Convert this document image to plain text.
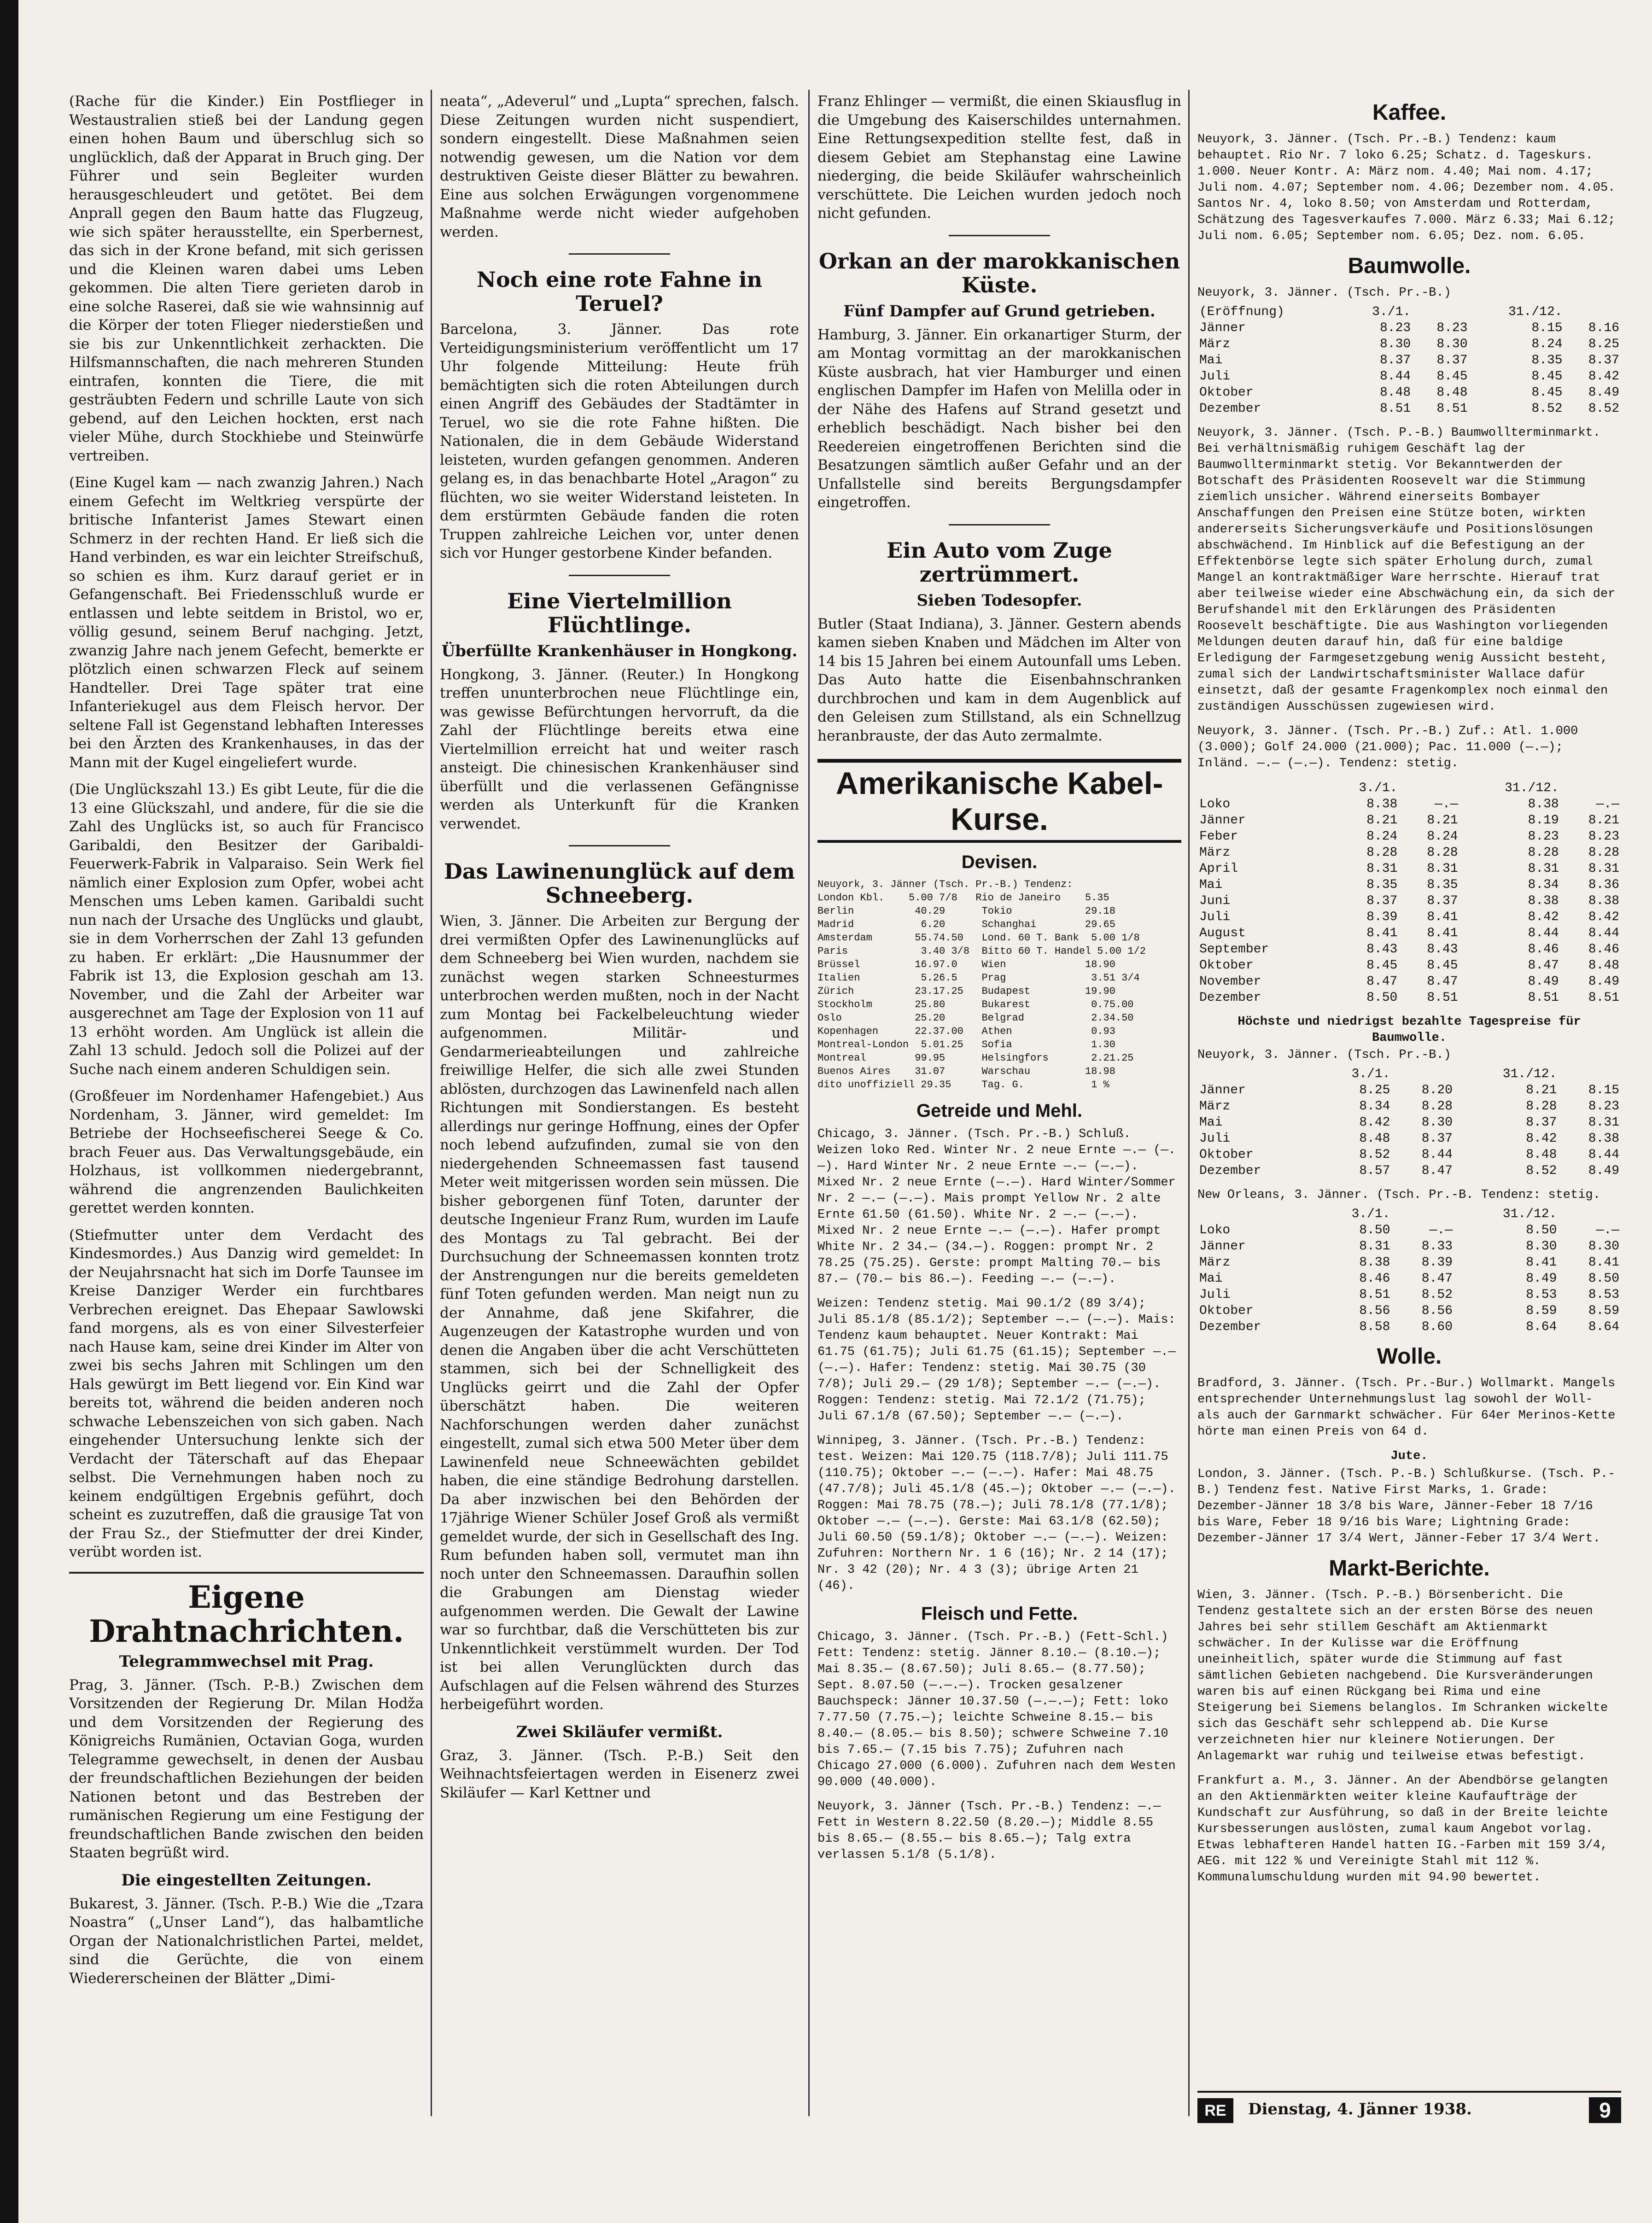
(Rache für die Kinder.) Ein Postflieger in Westaustralien stieß bei der Landung gegen einen hohen Baum und überschlug sich so unglücklich, daß der Apparat in Bruch ging. Der Führer und sein Begleiter wurden herausgeschleudert und getötet. Bei dem Anprall gegen den Baum hatte das Flugzeug, wie sich später herausstellte, ein Sperbernest, das sich in der Krone befand, mit sich gerissen und die Kleinen waren dabei ums Leben gekommen. Die alten Tiere gerieten darob in eine solche Raserei, daß sie wie wahnsinnig auf die Körper der toten Flieger niederstießen und sie bis zur Unkenntlichkeit zerhackten. Die Hilfsmannschaften, die nach mehreren Stunden eintrafen, konnten die Tiere, die mit gesträubten Federn und schrille Laute von sich gebend, auf den Leichen hockten, erst nach vieler Mühe, durch Stockhiebe und Steinwürfe vertreiben.

(Eine Kugel kam — nach zwanzig Jahren.) Nach einem Gefecht im Weltkrieg verspürte der britische Infanterist James Stewart einen Schmerz in der rechten Hand. Er ließ sich die Hand verbinden, es war ein leichter Streifschuß, so schien es ihm. Kurz darauf geriet er in Gefangenschaft. Bei Friedensschluß wurde er entlassen und lebte seitdem in Bristol, wo er, völlig gesund, seinem Beruf nachging. Jetzt, zwanzig Jahre nach jenem Gefecht, bemerkte er plötzlich einen schwarzen Fleck auf seinem Handteller. Drei Tage später trat eine Infanteriekugel aus dem Fleisch hervor. Der seltene Fall ist Gegenstand lebhaften Interesses bei den Ärzten des Krankenhauses, in das der Mann mit der Kugel eingeliefert wurde.

(Die Unglückszahl 13.) Es gibt Leute, für die die 13 eine Glückszahl, und andere, für die sie die Zahl des Unglücks ist, so auch für Francisco Garibaldi, den Besitzer der Garibaldi-Feuerwerk-Fabrik in Valparaiso. Sein Werk fiel nämlich einer Explosion zum Opfer, wobei acht Menschen ums Leben kamen. Garibaldi sucht nun nach der Ursache des Unglücks und glaubt, sie in dem Vorherrschen der Zahl 13 gefunden zu haben. Er erklärt: „Die Hausnummer der Fabrik ist 13, die Explosion geschah am 13. November, und die Zahl der Arbeiter war ausgerechnet am Tage der Explosion von 11 auf 13 erhöht worden. Am Unglück ist allein die Zahl 13 schuld. Jedoch soll die Polizei auf der Suche nach einem anderen Schuldigen sein.

(Großfeuer im Nordenhamer Hafengebiet.) Aus Nordenham, 3. Jänner, wird gemeldet: Im Betriebe der Hochseefischerei Seege & Co. brach Feuer aus. Das Verwaltungsgebäude, ein Holzhaus, ist vollkommen niedergebrannt, während die angrenzenden Baulichkeiten gerettet werden konnten.

(Stiefmutter unter dem Verdacht des Kindesmordes.) Aus Danzig wird gemeldet: In der Neujahrsnacht hat sich im Dorfe Taunsee im Kreise Danziger Werder ein furchtbares Verbrechen ereignet. Das Ehepaar Sawlowski fand morgens, als es von einer Silvesterfeier nach Hause kam, seine drei Kinder im Alter von zwei bis sechs Jahren mit Schlingen um den Hals gewürgt im Bett liegend vor. Ein Kind war bereits tot, während die beiden anderen noch schwache Lebenszeichen von sich gaben. Nach eingehender Untersuchung lenkte sich der Verdacht der Täterschaft auf das Ehepaar selbst. Die Vernehmungen haben noch zu keinem endgültigen Ergebnis geführt, doch scheint es zuzutreffen, daß die grausige Tat von der Frau Sz., der Stiefmutter der drei Kinder, verübt worden ist.

Eigene Drahtnachrichten.
Telegrammwechsel mit Prag.

Prag, 3. Jänner. (Tsch. P.-B.) Zwischen dem Vorsitzenden der Regierung Dr. Milan Hodža und dem Vorsitzenden der Regierung des Königreichs Rumänien, Octavian Goga, wurden Telegramme gewechselt, in denen der Ausbau der freundschaftlichen Beziehungen der beiden Nationen betont und das Bestreben der rumänischen Regierung um eine Festigung der freundschaftlichen Bande zwischen den beiden Staaten begrüßt wird.

Die eingestellten Zeitungen.

Bukarest, 3. Jänner. (Tsch. P.-B.) Wie die „Tzara Noastra“ („Unser Land“), das halbamtliche Organ der Nationalchristlichen Partei, meldet, sind die Gerüchte, die von einem Wiedererscheinen der Blätter „Dimi-

neata“, „Adeverul“ und „Lupta“ sprechen, falsch. Diese Zeitungen wurden nicht suspendiert, sondern eingestellt. Diese Maßnahmen seien notwendig gewesen, um die Nation vor dem destruktiven Geiste dieser Blätter zu bewahren. Eine aus solchen Erwägungen vorgenommene Maßnahme werde nicht wieder aufgehoben werden.

Noch eine rote Fahne in Teruel?

Barcelona, 3. Jänner. Das rote Verteidigungsministerium veröffentlicht um 17 Uhr folgende Mitteilung: Heute früh bemächtigten sich die roten Abteilungen durch einen Angriff des Gebäudes der Stadtämter in Teruel, wo sie die rote Fahne hißten. Die Nationalen, die in dem Gebäude Widerstand leisteten, wurden gefangen genommen. Anderen gelang es, in das benachbarte Hotel „Aragon“ zu flüchten, wo sie weiter Widerstand leisteten. In dem erstürmten Gebäude fanden die roten Truppen zahlreiche Leichen vor, unter denen sich vor Hunger gestorbene Kinder befanden.

Eine Viertelmillion Flüchtlinge.
Überfüllte Krankenhäuser in Hongkong.

Hongkong, 3. Jänner. (Reuter.) In Hongkong treffen ununterbrochen neue Flüchtlinge ein, was gewisse Befürchtungen hervorruft, da die Zahl der Flüchtlinge bereits etwa eine Viertelmillion erreicht hat und weiter rasch ansteigt. Die chinesischen Krankenhäuser sind überfüllt und die verlassenen Gefängnisse werden als Unterkunft für die Kranken verwendet.

Das Lawinenunglück auf dem Schneeberg.

Wien, 3. Jänner. Die Arbeiten zur Bergung der drei vermißten Opfer des Lawinenunglücks auf dem Schneeberg bei Wien wurden, nachdem sie zunächst wegen starken Schneesturmes unterbrochen werden mußten, noch in der Nacht zum Montag bei Fackelbeleuchtung wieder aufgenommen. Militär- und Gendarmerieabteilungen und zahlreiche freiwillige Helfer, die sich alle zwei Stunden ablösten, durchzogen das Lawinenfeld nach allen Richtungen mit Sondierstangen. Es besteht allerdings nur geringe Hoffnung, eines der Opfer noch lebend aufzufinden, zumal sie von den niedergehenden Schneemassen fast tausend Meter weit mitgerissen worden sein müssen. Die bisher geborgenen fünf Toten, darunter der deutsche Ingenieur Franz Rum, wurden im Laufe des Montags zu Tal gebracht. Bei der Durchsuchung der Schneemassen konnten trotz der Anstrengungen nur die bereits gemeldeten fünf Toten gefunden werden. Man neigt nun zu der Annahme, daß jene Skifahrer, die Augenzeugen der Katastrophe wurden und von denen die Angaben über die acht Verschütteten stammen, sich bei der Schnelligkeit des Unglücks geirrt und die Zahl der Opfer überschätzt haben. Die weiteren Nachforschungen werden daher zunächst eingestellt, zumal sich etwa 500 Meter über dem Lawinenfeld neue Schneewächten gebildet haben, die eine ständige Bedrohung darstellen. Da aber inzwischen bei den Behörden der 17jährige Wiener Schüler Josef Groß als vermißt gemeldet wurde, der sich in Gesellschaft des Ing. Rum befunden haben soll, vermutet man ihn noch unter den Schneemassen. Daraufhin sollen die Grabungen am Dienstag wieder aufgenommen werden. Die Gewalt der Lawine war so furchtbar, daß die Verschütteten bis zur Unkenntlichkeit verstümmelt wurden. Der Tod ist bei allen Verunglückten durch das Aufschlagen auf die Felsen während des Sturzes herbeigeführt worden.

Zwei Skiläufer vermißt.

Graz, 3. Jänner. (Tsch. P.-B.) Seit den Weihnachtsfeiertagen werden in Eisenerz zwei Skiläufer — Karl Kettner und

Franz Ehlinger — vermißt, die einen Skiausflug in die Umgebung des Kaiserschildes unternahmen. Eine Rettungsexpedition stellte fest, daß in diesem Gebiet am Stephanstag eine Lawine niederging, die beide Skiläufer wahrscheinlich verschüttete. Die Leichen wurden jedoch noch nicht gefunden.

Orkan an der marokkanischen Küste.
Fünf Dampfer auf Grund getrieben.

Hamburg, 3. Jänner. Ein orkanartiger Sturm, der am Montag vormittag an der marokkanischen Küste ausbrach, hat vier Hamburger und einen englischen Dampfer im Hafen von Melilla oder in der Nähe des Hafens auf Strand gesetzt und erheblich beschädigt. Nach bisher bei den Reedereien eingetroffenen Berichten sind die Besatzungen sämtlich außer Gefahr und an der Unfallstelle sind bereits Bergungsdampfer eingetroffen.

Ein Auto vom Zuge zertrümmert.
Sieben Todesopfer.

Butler (Staat Indiana), 3. Jänner. Gestern abends kamen sieben Knaben und Mädchen im Alter von 14 bis 15 Jahren bei einem Autounfall ums Leben. Das Auto hatte die Eisenbahnschranken durchbrochen und kam in dem Augenblick auf den Geleisen zum Stillstand, als ein Schnellzug heranbrauste, der das Auto zermalmte.

Amerikanische Kabel-Kurse.
Devisen.
Neuyork, 3. Jänner (Tsch. Pr.-B.) Tendenz:
London Kbl.    5.00 7/8   Rio de Janeiro    5.35
Berlin          40.29      Tokio            29.18
Madrid           6.20      Schanghai        29.65
Amsterdam       55.74.50   Lond. 60 T. Bank  5.00 1/8
Paris            3.40 3/8  Bitto 60 T. Handel 5.00 1/2
Brüssel         16.97.0    Wien             18.90
Italien          5.26.5    Prag              3.51 3/4
Zürich          23.17.25   Budapest         19.90
Stockholm       25.80      Bukarest          0.75.00
Oslo            25.20      Belgrad           2.34.50
Kopenhagen      22.37.00   Athen             0.93
Montreal-London  5.01.25   Sofia             1.30
Montreal        99.95      Helsingfors       2.21.25
Buenos Aires    31.07      Warschau         18.98
dito unoffiziell 29.35     Tag. G.           1 %
Getreide und Mehl.

Chicago, 3. Jänner. (Tsch. Pr.-B.) Schluß. Weizen loko Red. Winter Nr. 2 neue Ernte —.— (—.—). Hard Winter Nr. 2 neue Ernte —.— (—.—). Mixed Nr. 2 neue Ernte (—.—). Hard Winter/Sommer Nr. 2 —.— (—.—). Mais prompt Yellow Nr. 2 alte Ernte 61.50 (61.50). White Nr. 2 —.— (—.—). Mixed Nr. 2 neue Ernte —.— (—.—). Hafer prompt White Nr. 2 34.— (34.—). Roggen: prompt Nr. 2 78.25 (75.25). Gerste: prompt Malting 70.— bis 87.— (70.— bis 86.—). Feeding —.— (—.—).

Weizen: Tendenz stetig. Mai 90.1/2 (89 3/4); Juli 85.1/8 (85.1/2); September —.— (—.—). Mais: Tendenz kaum behauptet. Neuer Kontrakt: Mai 61.75 (61.75); Juli 61.75 (61.15); September —.— (—.—). Hafer: Tendenz: stetig. Mai 30.75 (30 7/8); Juli 29.— (29 1/8); September —.— (—.—). Roggen: Tendenz: stetig. Mai 72.1/2 (71.75); Juli 67.1/8 (67.50); September —.— (—.—).

Winnipeg, 3. Jänner. (Tsch. Pr.-B.) Tendenz: test. Weizen: Mai 120.75 (118.7/8); Juli 111.75 (110.75); Oktober —.— (—.—). Hafer: Mai 48.75 (47.7/8); Juli 45.1/8 (45.—); Oktober —.— (—.—). Roggen: Mai 78.75 (78.—); Juli 78.1/8 (77.1/8); Oktober —.— (—.—). Gerste: Mai 63.1/8 (62.50); Juli 60.50 (59.1/8); Oktober —.— (—.—). Weizen: Zufuhren: Northern Nr. 1 6 (16); Nr. 2 14 (17); Nr. 3 42 (20); Nr. 4 3 (3); übrige Arten 21 (46).

Fleisch und Fette.

Chicago, 3. Jänner. (Tsch. Pr.-B.) (Fett-Schl.) Fett: Tendenz: stetig. Jänner 8.10.— (8.10.—); Mai 8.35.— (8.67.50); Juli 8.65.— (8.77.50); Sept. 8.07.50 (—.—.—). Trocken gesalzener Bauchspeck: Jänner 10.37.50 (—.—.—); Fett: loko 7.77.50 (7.75.—); leichte Schweine 8.15.— bis 8.40.— (8.05.— bis 8.50); schwere Schweine 7.10 bis 7.65.— (7.15 bis 7.75); Zufuhren nach Chicago 27.000 (6.000). Zufuhren nach dem Westen 90.000 (40.000).

Neuyork, 3. Jänner (Tsch. Pr.-B.) Tendenz: —.— Fett in Western 8.22.50 (8.20.—); Middle 8.55 bis 8.65.— (8.55.— bis 8.65.—); Talg extra verlassen 5.1/8 (5.1/8).

Kaffee.

Neuyork, 3. Jänner. (Tsch. Pr.-B.) Tendenz: kaum behauptet. Rio Nr. 7 loko 6.25; Schatz. d. Tageskurs. 1.000. Neuer Kontr. A: März nom. 4.40; Mai nom. 4.17; Juli nom. 4.07; September nom. 4.06; Dezember nom. 4.05. Santos Nr. 4, loko 8.50; von Amsterdam und Rotterdam, Schätzung des Tagesverkaufes 7.000. März 6.33; Mai 6.12; Juli nom. 6.05; September nom. 6.05; Dez. nom. 6.05.

Baumwolle.

Neuyork, 3. Jänner. (Tsch. Pr.-B.)

(Eröffnung)	3./1.		31./12.	
Jänner	8.23	8.23	8.15	8.16
März	8.30	8.30	8.24	8.25
Mai	8.37	8.37	8.35	8.37
Juli	8.44	8.45	8.45	8.42
Oktober	8.48	8.48	8.45	8.49
Dezember	8.51	8.51	8.52	8.52

Neuyork, 3. Jänner. (Tsch. P.-B.) Baumwollterminmarkt. Bei verhältnismäßig ruhigem Geschäft lag der Baumwollterminmarkt stetig. Vor Bekanntwerden der Botschaft des Präsidenten Roosevelt war die Stimmung ziemlich unsicher. Während einerseits Bombayer Anschaffungen den Preisen eine Stütze boten, wirkten andererseits Sicherungsverkäufe und Positionslösungen abschwächend. Im Hinblick auf die Befestigung an der Effektenbörse legte sich später Erholung durch, zumal Mangel an kontraktmäßiger Ware herrschte. Hierauf trat aber teilweise wieder eine Abschwächung ein, da sich der Berufshandel mit den Erklärungen des Präsidenten Roosevelt beschäftigte. Die aus Washington vorliegenden Meldungen deuten darauf hin, daß für eine baldige Erledigung der Farmgesetzgebung wenig Aussicht besteht, zumal sich der Landwirtschaftsminister Wallace dafür einsetzt, daß der gesamte Fragenkomplex noch einmal den zuständigen Ausschüssen zugewiesen wird.

Neuyork, 3. Jänner. (Tsch. Pr.-B.) Zuf.: Atl. 1.000 (3.000); Golf 24.000 (21.000); Pac. 11.000 (—.—); Inländ. —.— (—.—). Tendenz: stetig.

	3./1.		31./12.	
Loko	8.38	—.—	8.38	—.—
Jänner	8.21	8.21	8.19	8.21
Feber	8.24	8.24	8.23	8.23
März	8.28	8.28	8.28	8.28
April	8.31	8.31	8.31	8.31
Mai	8.35	8.35	8.34	8.36
Juni	8.37	8.37	8.38	8.38
Juli	8.39	8.41	8.42	8.42
August	8.41	8.41	8.44	8.44
September	8.43	8.43	8.46	8.46
Oktober	8.45	8.45	8.47	8.48
November	8.47	8.47	8.49	8.49
Dezember	8.50	8.51	8.51	8.51

Höchste und niedrigst bezahlte Tagespreise für Baumwolle.

Neuyork, 3. Jänner. (Tsch. Pr.-B.)

	3./1.		31./12.	
Jänner	8.25	8.20	8.21	8.15
März	8.34	8.28	8.28	8.23
Mai	8.42	8.30	8.37	8.31
Juli	8.48	8.37	8.42	8.38
Oktober	8.52	8.44	8.48	8.44
Dezember	8.57	8.47	8.52	8.49

New Orleans, 3. Jänner. (Tsch. Pr.-B. Tendenz: stetig.

	3./1.		31./12.	
Loko	8.50	—.—	8.50	—.—
Jänner	8.31	8.33	8.30	8.30
März	8.38	8.39	8.41	8.41
Mai	8.46	8.47	8.49	8.50
Juli	8.51	8.52	8.53	8.53
Oktober	8.56	8.56	8.59	8.59
Dezember	8.58	8.60	8.64	8.64
Wolle.

Bradford, 3. Jänner. (Tsch. Pr.-Bur.) Wollmarkt. Mangels entsprechender Unternehmungslust lag sowohl der Woll- als auch der Garnmarkt schwächer. Für 64er Merinos-Kette hörte man einen Preis von 64 d.

Jute.

London, 3. Jänner. (Tsch. P.-B.) Schlußkurse. (Tsch. P.-B.) Tendenz fest. Native First Marks, 1. Grade: Dezember-Jänner 18 3/8 bis Ware, Jänner-Feber 18 7/16 bis Ware, Feber 18 9/16 bis Ware; Lightning Grade: Dezember-Jänner 17 3/4 Wert, Jänner-Feber 17 3/4 Wert.

Markt-Berichte.

Wien, 3. Jänner. (Tsch. P.-B.) Börsenbericht. Die Tendenz gestaltete sich an der ersten Börse des neuen Jahres bei sehr stillem Geschäft am Aktienmarkt schwächer. In der Kulisse war die Eröffnung uneinheitlich, später wurde die Stimmung auf fast sämtlichen Gebieten nachgebend. Die Kursveränderungen waren bis auf einen Rückgang bei Rima und eine Steigerung bei Siemens belanglos. Im Schranken wickelte sich das Geschäft sehr schleppend ab. Die Kurse verzeichneten hier nur kleinere Notierungen. Der Anlagemarkt war ruhig und teilweise etwas befestigt.

Frankfurt a. M., 3. Jänner. An der Abendbörse gelangten an den Aktienmärkten weiter kleine Kaufaufträge der Kundschaft zur Ausführung, so daß in der Breite leichte Kursbesserungen auslösten, zumal kaum Angebot vorlag. Etwas lebhafteren Handel hatten IG.-Farben mit 159 3/4, AEG. mit 122 % und Vereinigte Stahl mit 112 %. Kommunalumschuldung wurden mit 94.90 bewertet.

RE	Dienstag, 4. Jänner 1938.	9
